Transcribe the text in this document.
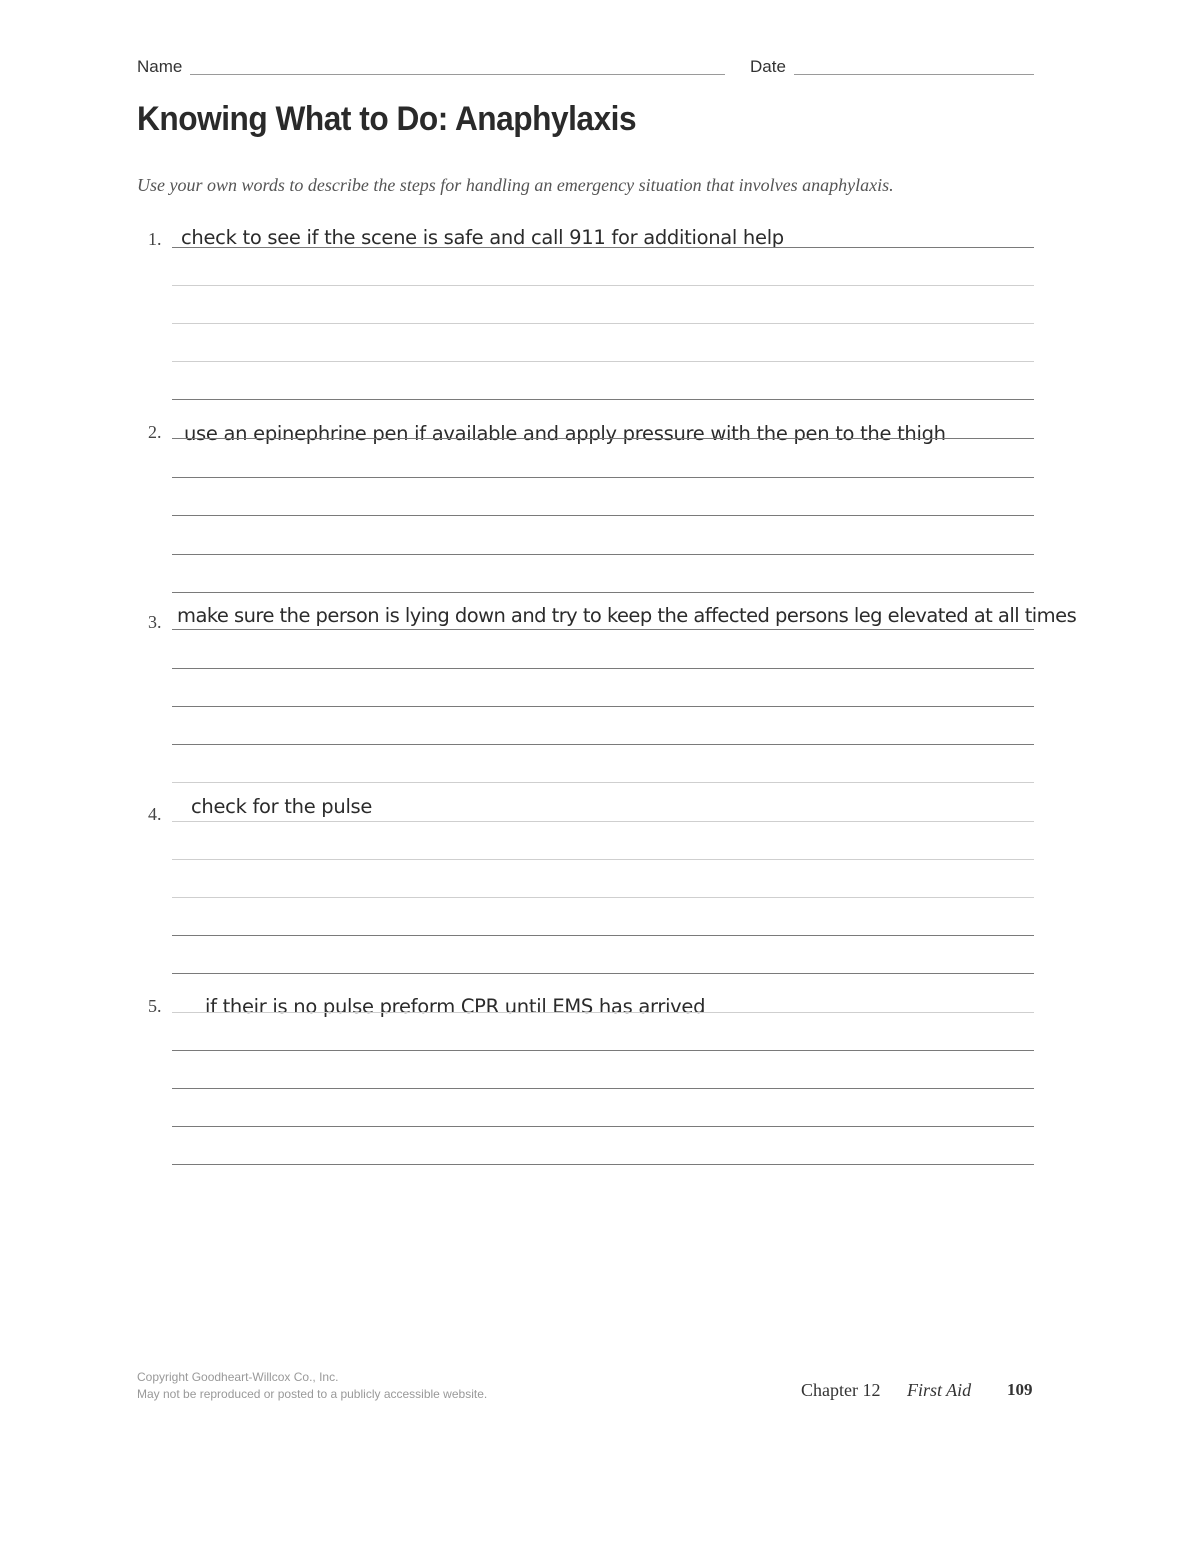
Name	Date
Knowing What to Do: Anaphylaxis
Use your own words to describe the steps for handling an emergency situation that involves anaphylaxis.
1. check to see if the scene is safe and call 911 for additional help
2. use an epinephrine pen if available and apply pressure with the pen to the thigh
3. make sure the person is lying down and try to keep the affected persons leg elevated at all times
4. check for the pulse
5. if their is no pulse preform CPR until EMS has arrived
Copyright Goodheart-Willcox Co., Inc.
May not be reproduced or posted to a publicly accessible website.	Chapter 12 First Aid 109
